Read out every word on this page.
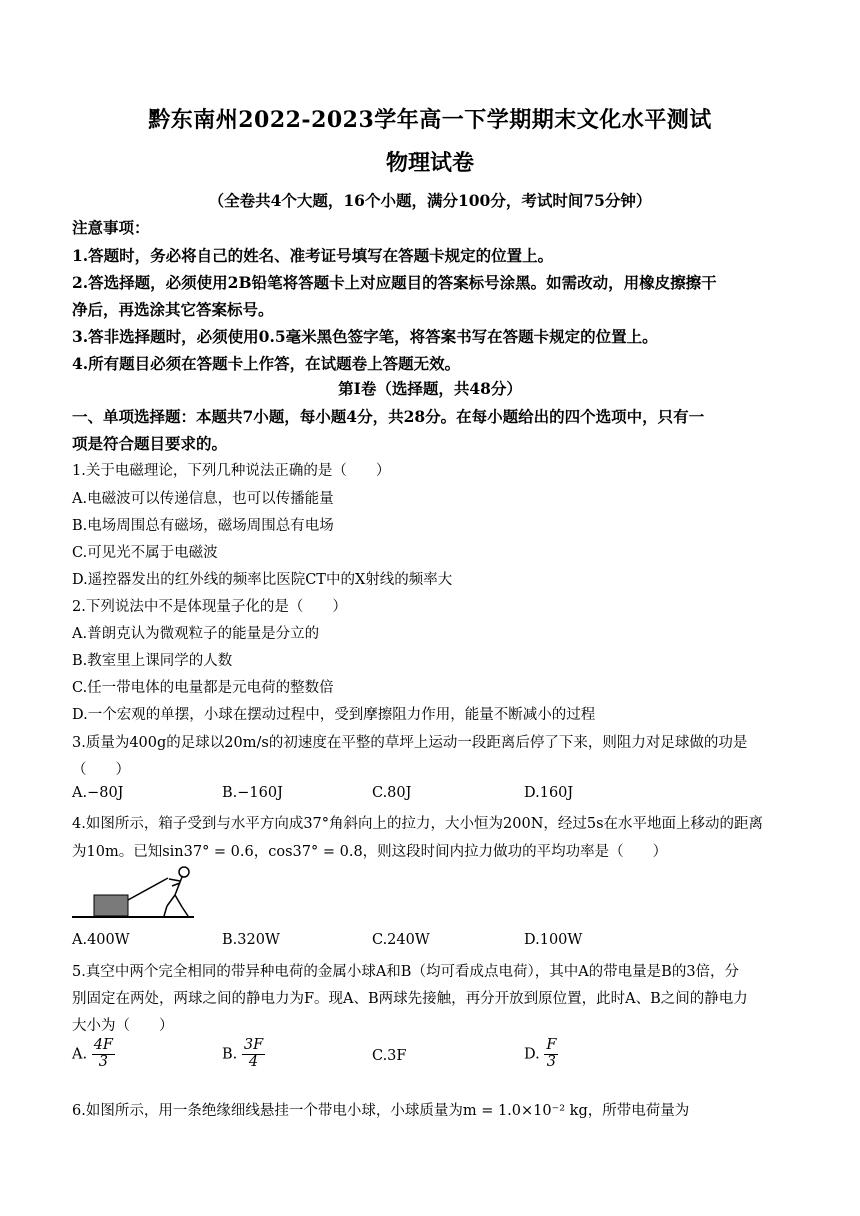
黔东南州2022-2023学年高一下学期期末文化水平测试
物理试卷
（全卷共4个大题，16个小题，满分100分，考试时间75分钟）
注意事项：
1.答题时，务必将自己的姓名、准考证号填写在答题卡规定的位置上。
2.答选择题，必须使用2B铅笔将答题卡上对应题目的答案标号涂黑。如需改动，用橡皮擦擦干
净后，再选涂其它答案标号。
3.答非选择题时，必须使用0.5毫米黑色签字笔，将答案书写在答题卡规定的位置上。
4.所有题目必须在答题卡上作答，在试题卷上答题无效。
第Ⅰ卷（选择题，共48分）
一、单项选择题：本题共7小题，每小题4分，共28分。在每小题给出的四个选项中，只有一
项是符合题目要求的。
1.关于电磁理论，下列几种说法正确的是（　　）
A.电磁波可以传递信息，也可以传播能量
B.电场周围总有磁场，磁场周围总有电场
C.可见光不属于电磁波
D.遥控器发出的红外线的频率比医院CT中的X射线的频率大
2.下列说法中不是体现量子化的是（　　）
A.普朗克认为微观粒子的能量是分立的
B.教室里上课同学的人数
C.任一带电体的电量都是元电荷的整数倍
D.一个宏观的单摆，小球在摆动过程中，受到摩擦阻力作用，能量不断减小的过程
3.质量为400g的足球以20m/s的初速度在平整的草坪上运动一段距离后停了下来，则阻力对足球做的功是
（　　）
A.−80J	B.−160J	C.80J	D.160J
4.如图所示，箱子受到与水平方向成37°角斜向上的拉力，大小恒为200N，经过5s在水平地面上移动的距离
为10m。已知sin37° = 0.6，cos37° = 0.8，则这段时间内拉力做功的平均功率是（　　）
A.400W	B.320W	C.240W	D.100W
5.真空中两个完全相同的带异种电荷的金属小球A和B（均可看成点电荷），其中A的带电量是B的3倍，分
别固定在两处，两球之间的静电力为F。现A、B两球先接触，再分开放到原位置，此时A、B之间的静电力
大小为（　　）
A. $\frac{4F}{3}$	B. $\frac{3F}{4}$	C.3F	D. $\frac{F}{3}$
6.如图所示，用一条绝缘细线悬挂一个带电小球，小球质量为m = 1.0×10⁻² kg，所带电荷量为
